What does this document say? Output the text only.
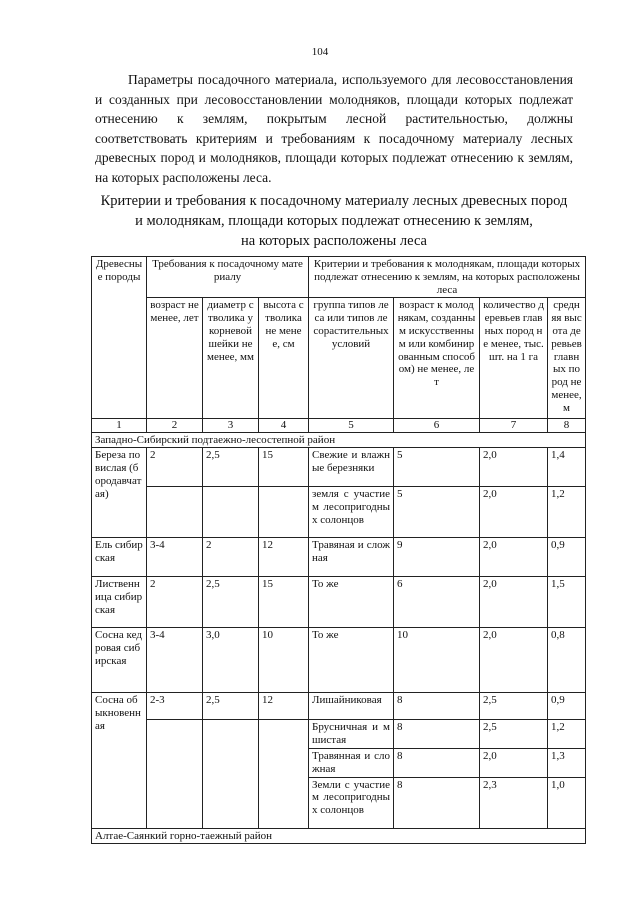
104

Параметры посадочного материала, используемого для лесовосстановления и созданных при лесовосстановлении молодняков, площади которых подлежат отнесению к землям, покрытым лесной растительностью, должны соответствовать критериям и требованиям к посадочному материалу лесных древесных пород и молодняков, площади которых подлежат отнесению к землям, на которых расположены леса.

Критерии и требования к посадочному материалу лесных древесных пород
и молоднякам, площади которых подлежат отнесению к землям,
на которых расположены леса
Древесные породы	Требования к посадочному материалу			Критерии и требования к молоднякам, площади которых подлежат отнесению к землям, на которых расположены леса			
	возраст не менее, лет	диаметр стволика у корневой шейки не менее, мм	высота стволика не менее, см	группа типов леса или типов лесорастительных условий	возраст к молоднякам, созданным искусственным или комбинированным способом) не менее, лет	количество деревьев главных пород не менее, тыс. шт. на 1 га	средняя высота деревьев главных пород не менее, м
1	2	3	4	5	6	7	8
Западно-Сибирский подтаежно-лесостепной район							
Береза повислая (бородавчатая)	2	2,5	15	Свежие и влажные березняки	5	2,0	1,4
				земля с участием лесопригодных солонцов	5	2,0	1,2
Ель сибирская	3-4	2	12	Травяная и сложная	9	2,0	0,9
Лиственница сибирская	2	2,5	15	То же	6	2,0	1,5
Сосна кедровая сибирская	3-4	3,0	10	То же	10	2,0	0,8
Сосна обыкновенная	2-3	2,5	12	Лишайниковая	8	2,5	0,9
				Брусничная и мшистая	8	2,5	1,2
				Травянная и сложная	8	2,0	1,3
				Земли с участием лесопригодных солонцов	8	2,3	1,0
Алтае-Саянкий горно-таежный район							
